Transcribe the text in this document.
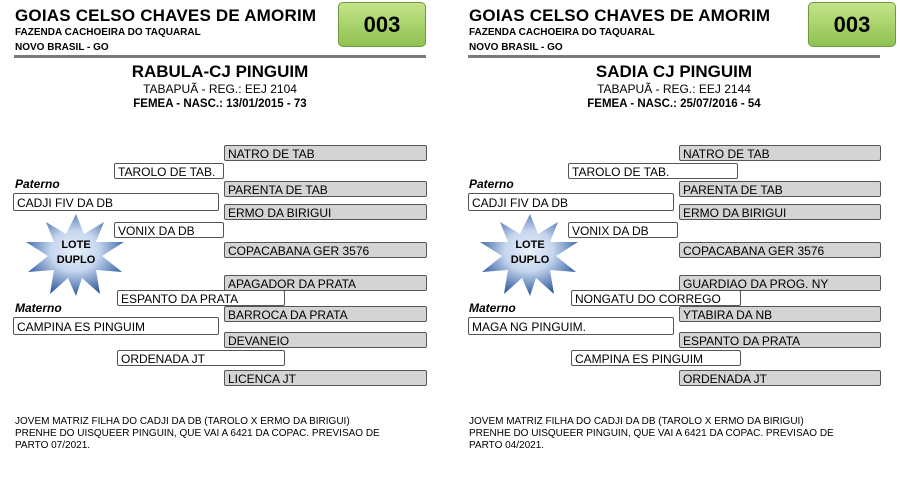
GOIAS CELSO CHAVES DE AMORIM
FAZENDA CACHOEIRA DO TAQUARAL
NOVO BRASIL - GO
003
RABULA-CJ PINGUIM
TABAPUÃ - REG.: EEJ 2104
FEMEA - NASC.: 13/01/2015 - 73
NATRO DE TAB
TAROLO DE TAB.
Paterno	PARENTA DE TAB
CADJI FIV DA DB
ERMO DA BIRIGUI
VONIX DA DB
COPACABANA GER 3576
LOTE
DUPLO
APAGADOR DA PRATA
ESPANTO DA PRATA
Materno	BARROCA DA PRATA
CAMPINA ES PINGUIM
DEVANEIO
ORDENADA JT
LICENCA JT
JOVEM MATRIZ FILHA DO CADJI DA DB (TAROLO X ERMO DA BIRIGUI)
PRENHE DO UISQUEER PINGUIN, QUE VAI A 6421 DA COPAC. PREVISAO DE
PARTO 07/2021.
GOIAS CELSO CHAVES DE AMORIM
FAZENDA CACHOEIRA DO TAQUARAL
NOVO BRASIL - GO
003
SADIA CJ PINGUIM
TABAPUÃ - REG.: EEJ 2144
FEMEA - NASC.: 25/07/2016 - 54
NATRO DE TAB
TAROLO DE TAB.
Paterno	PARENTA DE TAB
CADJI FIV DA DB
ERMO DA BIRIGUI
VONIX DA DB
COPACABANA GER 3576
LOTE
DUPLO
GUARDIAO DA PROG. NY
NONGATU DO CORREGO
Materno	YTABIRA DA NB
MAGA NG PINGUIM.
ESPANTO DA PRATA
CAMPINA ES PINGUIM
ORDENADA JT
JOVEM MATRIZ FILHA DO CADJI DA DB (TAROLO X ERMO DA BIRIGUI)
PRENHE DO UISQUEER PINGUIN, QUE VAI A 6421 DA COPAC. PREVISAO DE
PARTO 04/2021.
